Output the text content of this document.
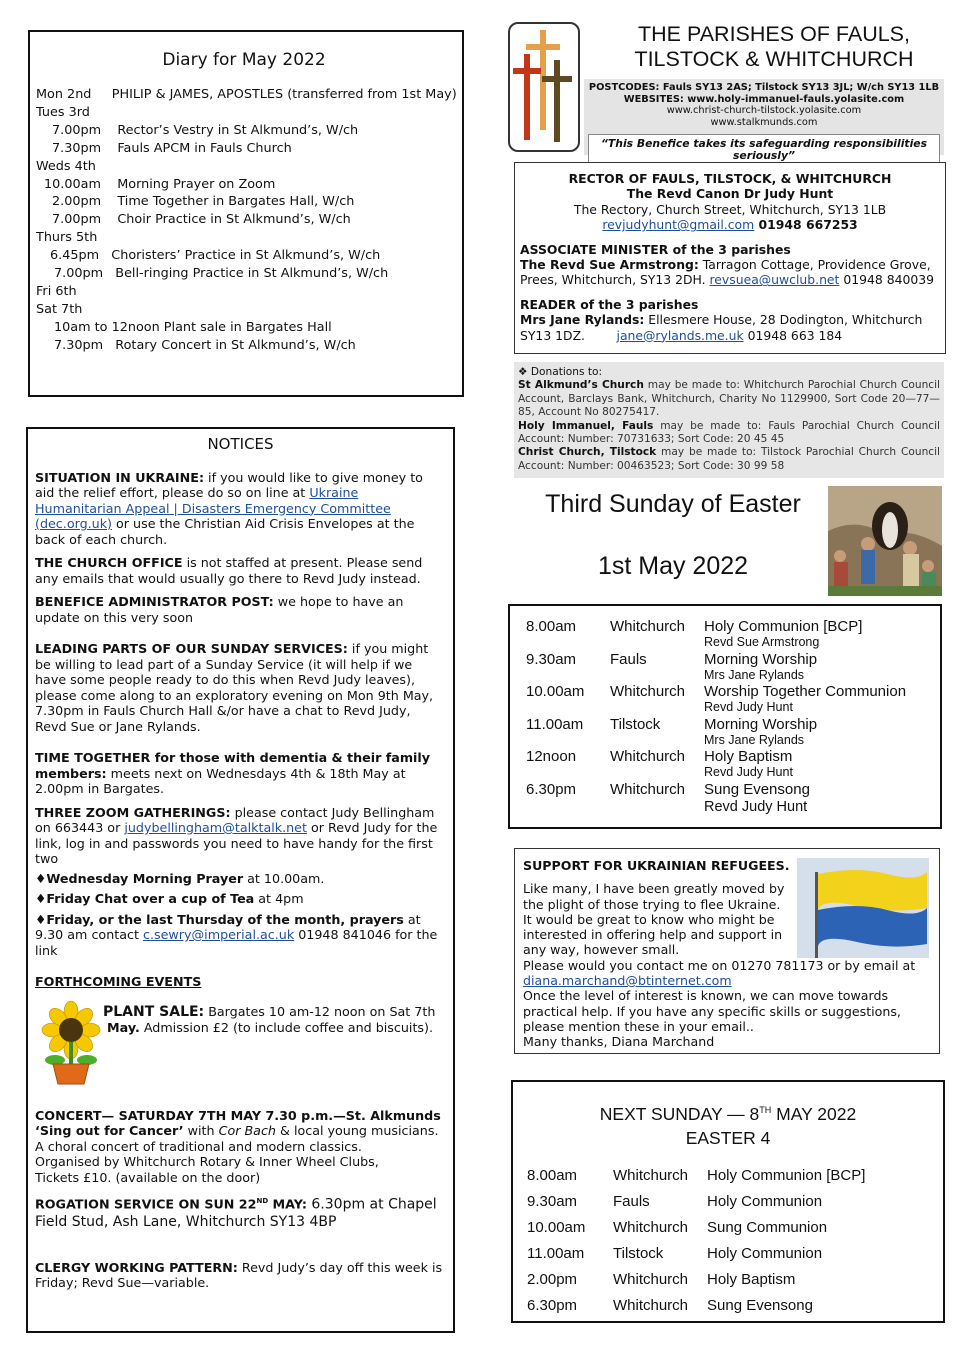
Diary for May 2022
Mon 2nd     PHILIP & JAMES, APOSTLES (transferred from 1st May)
Tues 3rd
7.00pm    Rector’s Vestry in St Alkmund’s, W/ch
7.30pm    Fauls APCM in Fauls Church
Weds 4th
10.00am    Morning Prayer on Zoom
2.00pm    Time Together in Bargates Hall, W/ch
7.00pm    Choir Practice in St Alkmund’s, W/ch
Thurs 5th
6.45pm   Choristers’ Practice in St Alkmund’s, W/ch
7.00pm   Bell-ringing Practice in St Alkmund’s, W/ch
Fri 6th
Sat 7th
10am to 12noon Plant sale in Bargates Hall
7.30pm   Rotary Concert in St Alkmund’s, W/ch
NOTICES

SITUATION IN UKRAINE: if you would like to give money to aid the relief effort, please do so on line at Ukraine Humanitarian Appeal | Disasters Emergency Committee (dec.org.uk) or use the Christian Aid Crisis Envelopes at the back of each church.

THE CHURCH OFFICE is not staffed at present. Please send any emails that would usually go there to Revd Judy instead.

BENEFICE ADMINISTRATOR POST: we hope to have an update on this very soon

LEADING PARTS OF OUR SUNDAY SERVICES: if you might be willing to lead part of a Sunday Service (it will help if we have some people ready to do this when Revd Judy leaves), please come along to an exploratory evening on Mon 9th May, 7.30pm in Fauls Church Hall &/or have a chat to Revd Judy, Revd Sue or Jane Rylands.

TIME TOGETHER for those with dementia & their family members: meets next on Wednesdays 4th & 18th May at 2.00pm in Bargates.

THREE ZOOM GATHERINGS: please contact Judy Bellingham on 663443 or judybellingham@talktalk.net or Revd Judy for the link, log in and passwords you need to have handy for the first two

♦Wednesday Morning Prayer at 10.00am.

♦Friday Chat over a cup of Tea at 4pm

♦Friday, or the last Thursday of the month, prayers at 9.30 am contact c.sewry@imperial.ac.uk 01948 841046 for the link

FORTHCOMING EVENTS

PLANT SALE: Bargates 10 am-12 noon on Sat 7th
May. Admission £2 (to include coffee and biscuits).

CONCERT— SATURDAY 7TH MAY 7.30 p.m.—St. Alkmunds
‘Sing out for Cancer’ with Cor Bach & local young musicians. A choral concert of traditional and modern classics.
Organised by Whitchurch Rotary & Inner Wheel Clubs,
Tickets £10. (available on the door)

ROGATION SERVICE ON SUN 22ND MAY: 6.30pm at Chapel Field Stud, Ash Lane, Whitchurch SY13 4BP

CLERGY WORKING PATTERN: Revd Judy’s day off this week is Friday; Revd Sue—variable.

THE PARISHES OF FAULS,
TILSTOCK & WHITCHURCH
POSTCODES: Fauls SY13 2AS; Tilstock SY13 3JL; W/ch SY13 1LB
WEBSITES: www.holy-immanuel-fauls.yolasite.com
www.christ-church-tilstock.yolasite.com
www.stalkmunds.com
“This Benefice takes its safeguarding responsibilities seriously”
RECTOR OF FAULS, TILSTOCK, & WHITCHURCH
The Revd Canon Dr Judy Hunt
The Rectory, Church Street, Whitchurch, SY13 1LB
revjudyhunt@gmail.com 01948 667253
ASSOCIATE MINISTER of the 3 parishes
The Revd Sue Armstrong: Tarragon Cottage, Providence Grove, Prees, Whitchurch, SY13 2DH. revsuea@uwclub.net 01948 840039
READER of the 3 parishes
Mrs Jane Rylands: Ellesmere House, 28 Dodington, Whitchurch SY13 1DZ.        jane@rylands.me.uk 01948 663 184
❖ Donations to:
St Alkmund’s Church may be made to: Whitchurch Parochial Church Council Account, Barclays Bank, Whitchurch, Charity No 1129900, Sort Code 20—77—85, Account No 80275417.
Holy Immanuel, Fauls may be made to: Fauls Parochial Church Council Account: Number: 70731633; Sort Code: 20 45 45
Christ Church, Tilstock may be made to: Tilstock Parochial Church Council Account: Number: 00463523; Sort Code: 30 99 58
Third Sunday of Easter
1st May 2022
8.00am Whitchurch Holy Communion [BCP]
Revd Sue Armstrong
9.30am Fauls	Morning Worship
Mrs Jane Rylands
10.00am Whitchurch Worship Together Communion
Revd Judy Hunt
11.00am Tilstock	Morning Worship
Mrs Jane Rylands
12noon Whitchurch Holy Baptism
Revd Judy Hunt
6.30pm Whitchurch Sung Evensong
Revd Judy Hunt
SUPPORT FOR UKRAINIAN REFUGEES.
Like many, I have been greatly moved by the plight of those trying to flee Ukraine. It would be great to know who might be interested in offering help and support in any way, however small.
Please would you contact me on 01270 781173 or by email at
diana.marchand@btinternet.com
Once the level of interest is known, we can move towards practical help. If you have any specific skills or suggestions, please mention these in your email..
Many thanks, Diana Marchand
NEXT SUNDAY — 8TH MAY 2022
EASTER 4
8.00am Whitchurch Holy Communion [BCP]
9.30am Fauls	Holy Communion
10.00am Whitchurch Sung Communion
11.00am Tilstock	Holy Communion
2.00pm Whitchurch Holy Baptism
6.30pm Whitchurch Sung Evensong
